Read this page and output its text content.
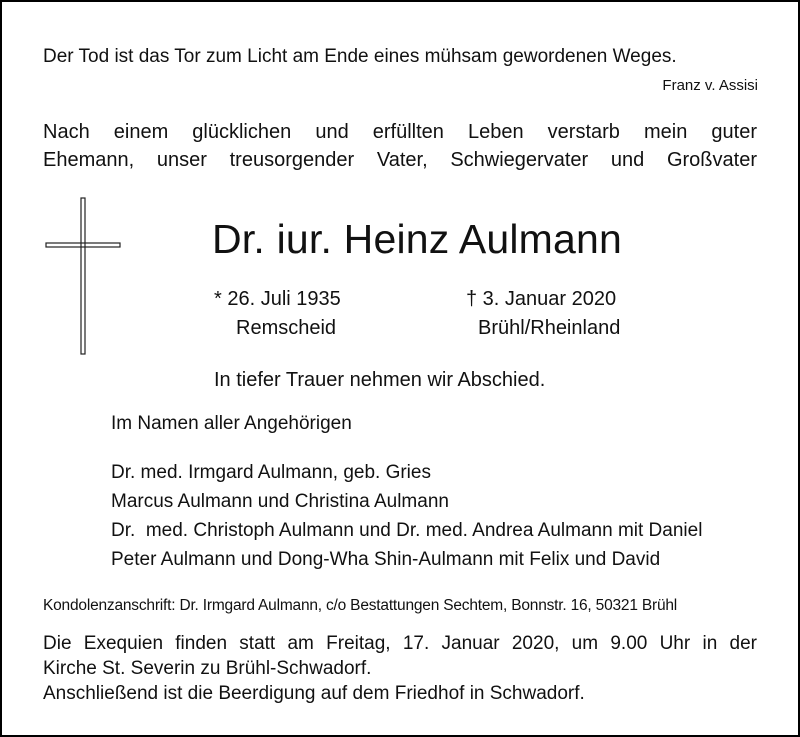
Der Tod ist das Tor zum Licht am Ende eines mühsam gewordenen Weges.
Franz v. Assisi
Nach einem glücklichen und erfüllten Leben verstarb mein guter
Ehemann, unser treusorgender Vater, Schwiegervater und Großvater
Dr. iur. Heinz Aulmann
* 26. Juli 1935
Remscheid
† 3. Januar 2020
Brühl/Rheinland
In tiefer Trauer nehmen wir Abschied.
Im Namen aller Angehörigen
Dr. med. Irmgard Aulmann, geb. Gries
Marcus Aulmann und Christina Aulmann
Dr.  med. Christoph Aulmann und Dr. med. Andrea Aulmann mit Daniel
Peter Aulmann und Dong-Wha Shin-Aulmann mit Felix und David
Kondolenzanschrift: Dr. Irmgard Aulmann, c/o Bestattungen Sechtem, Bonnstr. 16, 50321 Brühl
Die Exequien finden statt am Freitag, 17. Januar 2020, um 9.00 Uhr in der
Kirche St. Severin zu Brühl-Schwadorf.
Anschließend ist die Beerdigung auf dem Friedhof in Schwadorf.
